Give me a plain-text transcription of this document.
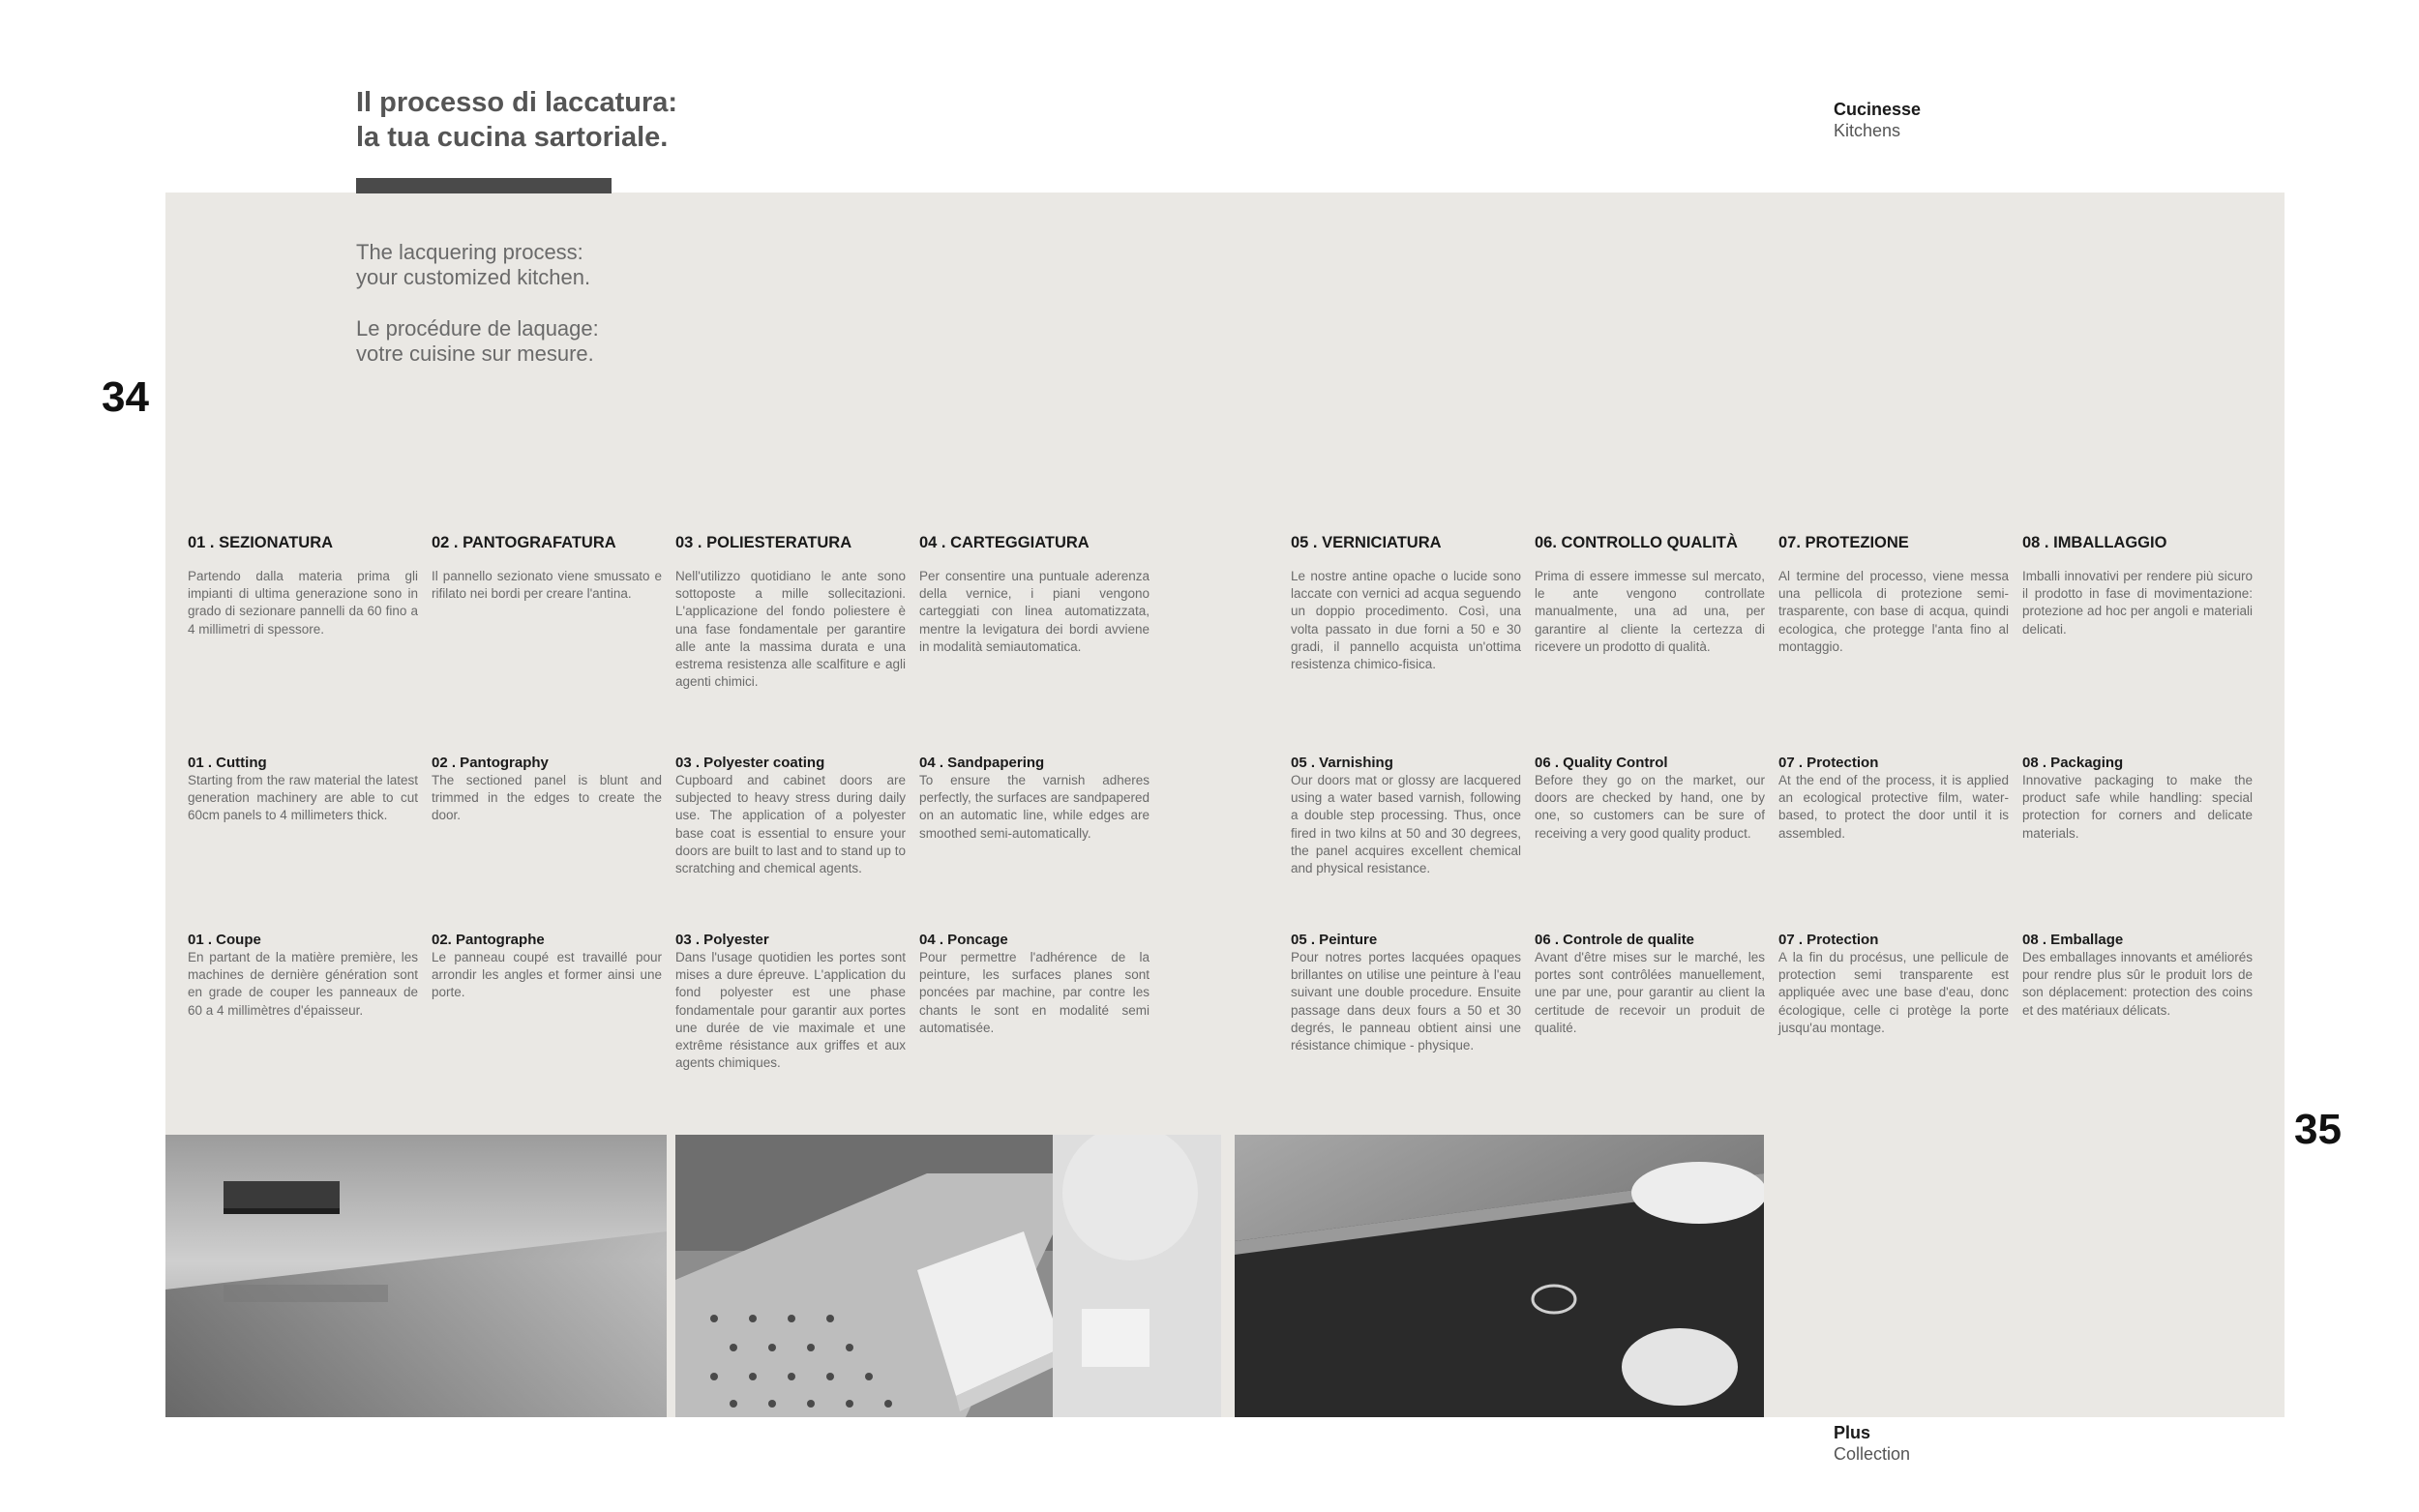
Il processo di laccatura:
la tua cucina sartoriale.

The lacquering process:
your customized kitchen.

Le procédure de laquage:
votre cuisine sur mesure.

Cucinesse
Kitchens
Plus
Collection
34
35

01 . SEZIONATURA

Partendo dalla materia prima gli impianti di ultima generazione sono in grado di sezionare pannelli da 60 fino a 4 millimetri di spessore.

02 . PANTOGRAFATURA

Il pannello sezionato viene smussato e rifilato nei bordi per creare l'antina.

03 . POLIESTERATURA

Nell'utilizzo quotidiano le ante sono sottoposte a mille sollecitazioni. L'applicazione del fondo poliestere è una fase fondamentale per garantire alle ante la massima durata e una estrema resistenza alle scalfiture e agli agenti chimici.

04 . CARTEGGIATURA

Per consentire una puntuale aderenza della vernice, i piani vengono carteggiati con linea automatizzata, mentre la levigatura dei bordi avviene in modalità semiautomatica.

05 . VERNICIATURA

Le nostre antine opache o lucide sono laccate con vernici ad acqua seguendo un doppio procedimento. Così, una volta passato in due forni a 50 e 30 gradi, il pannello acquista un'ottima resistenza chimico-fisica.

06. CONTROLLO QUALITÀ

Prima di essere immesse sul mercato, le ante vengono controllate manualmente, una ad una, per garantire al cliente la certezza di ricevere un prodotto di qualità.

07. PROTEZIONE

Al termine del processo, viene messa una pellicola di protezione semi-trasparente, con base di acqua, quindi ecologica, che protegge l'anta fino al montaggio.

08 . IMBALLAGGIO

Imballi innovativi per rendere più sicuro il prodotto in fase di movimentazione: protezione ad hoc per angoli e materiali delicati.

01 . Cutting

Starting from the raw material the latest generation machinery are able to cut 60cm panels to 4 millimeters thick.

02 . Pantography

The sectioned panel is blunt and trimmed in the edges to create the door.

03 . Polyester coating

Cupboard and cabinet doors are subjected to heavy stress during daily use. The application of a polyester base coat is essential to ensure your doors are built to last and to stand up to scratching and chemical agents.

04 . Sandpapering

To ensure the varnish adheres perfectly, the surfaces are sandpapered on an automatic line, while edges are smoothed semi-automatically.

05 . Varnishing

Our doors mat or glossy are lacquered using a water based varnish, following a double step processing. Thus, once fired in two kilns at 50 and 30 degrees, the panel acquires excellent chemical and physical resistance.

06 . Quality Control

Before they go on the market, our doors are checked by hand, one by one, so customers can be sure of receiving a very good quality product.

07 . Protection

At the end of the process, it is applied an ecological protective film, water-based, to protect the door until it is assembled.

08 . Packaging

Innovative packaging to make the product safe while handling: special protection for corners and delicate materials.

01 . Coupe

En partant de la matière première, les machines de dernière génération sont en grade de couper les panneaux de 60 a 4 millimètres d'épaisseur.

02. Pantographe

Le panneau coupé est travaillé pour arrondir les angles et former ainsi une porte.

03 . Polyester

Dans l'usage quotidien les portes sont mises a dure épreuve. L'application du fond polyester est une phase fondamentale pour garantir aux portes une durée de vie maximale et une extrême résistance aux griffes et aux agents chimiques.

04 . Poncage

Pour permettre l'adhérence de la peinture, les surfaces planes sont poncées par machine, par contre les chants le sont en modalité semi automatisée.

05 . Peinture

Pour notres portes lacquées opaques brillantes on utilise une peinture à l'eau suivant une double procedure. Ensuite passage dans deux fours a 50 et 30 degrés, le panneau obtient ainsi une résistance chimique - physique.

06 . Controle de qualite

Avant d'être mises sur le marché, les portes sont contrôlées manuellement, une par une, pour garantir au client la certitude de recevoir un produit de qualité.

07 . Protection

A la fin du procésus, une pellicule de protection semi transparente est appliquée avec une base d'eau, donc écologique, celle ci protège la porte jusqu'au montage.

08 . Emballage

Des emballages innovants et améliorés pour rendre plus sûr le produit lors de son déplacement: protection des coins et des matériaux délicats.
